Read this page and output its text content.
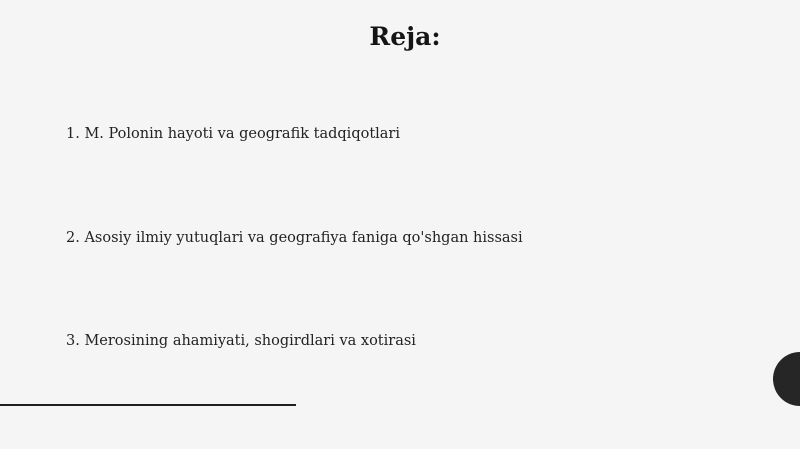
Reja:
1. M. Polonin hayoti va geografik tadqiqotlari
2. Asosiy ilmiy yutuqlari va geografiya faniga qo'shgan hissasi
3. Merosining ahamiyati, shogirdlari va xotirasi
